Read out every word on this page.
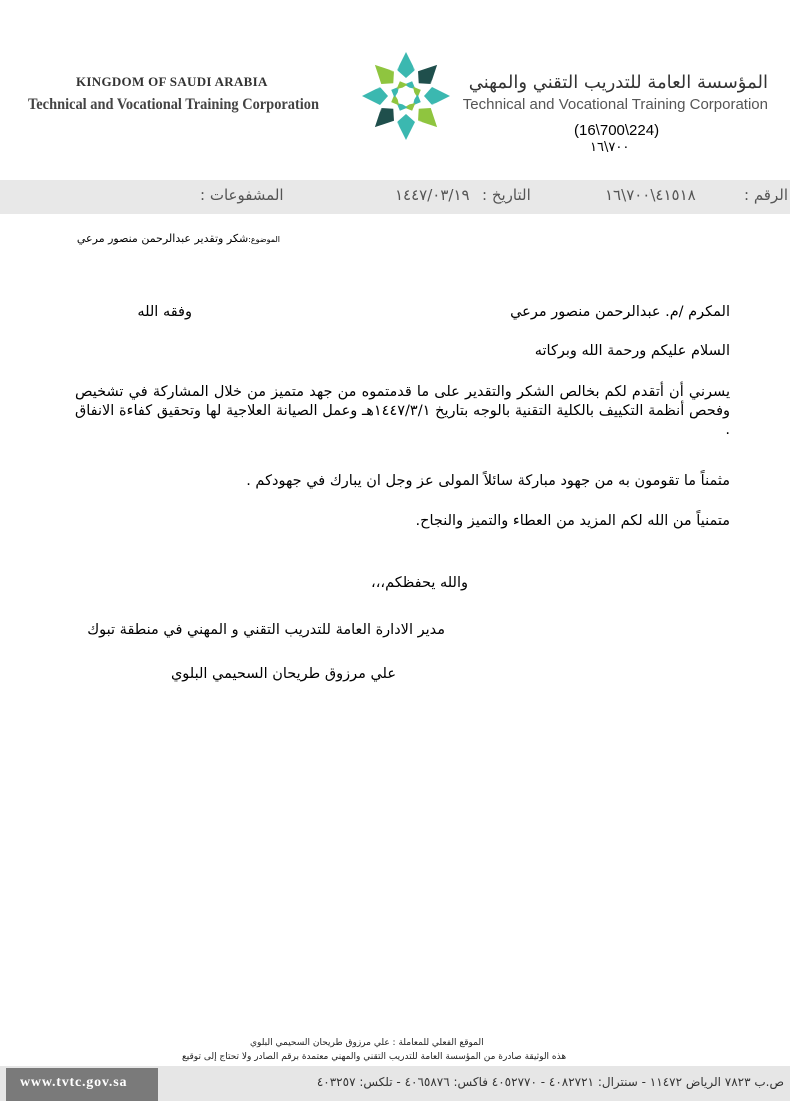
KINGDOM OF SAUDI ARABIA
Technical and Vocational Training Corporation
المؤسسة العامة للتدريب التقني والمهني
Technical and Vocational Training Corporation
(16\700\224)
٧٠٠\١٦
الرقم :
٤١٥١٨\٧٠٠\١٦
التاريخ :
١٤٤٧/٠٣/١٩
المشفوعات :
الموضوع:شكر وتقدير عبدالرحمن منصور مرعي
المكرم /م. عبدالرحمن منصور مرعي
وفقه الله
السلام عليكم ورحمة الله وبركاته
يسرني أن أتقدم لكم بخالص الشكر والتقدير على ما قدمتموه من جهد متميز من خلال المشاركة في تشخيص وفحص أنظمة التكييف بالكلية التقنية بالوجه بتاريخ ١٤٤٧/٣/١هـ وعمل الصيانة العلاجية لها وتحقيق كفاءة الانفاق .
مثمناً ما تقومون به من جهود مباركة سائلاً المولى عز وجل ان يبارك في جهودكم .
متمنياً من الله لكم المزيد من العطاء والتميز والنجاح.
والله يحفظكم،،،
مدير الادارة العامة للتدريب التقني و المهني في منطقة تبوك
علي مرزوق طريحان السحيمي البلوي
الموقع الفعلي للمعاملة : علي مرزوق طريحان السحيمي البلوي
هذه الوثيقة صادرة من المؤسسة العامة للتدريب التقني والمهني معتمدة برقم الصادر ولا تحتاج إلى توقيع
www.tvtc.gov.sa	ص.ب ٧٨٢٣ الرياض ١١٤٧٢ - سنترال: ٤٠٨٢٧٢١ - ٤٠٥٢٧٧٠ فاكس: ٤٠٦٥٨٧٦ - تلكس: ٤٠٣٢٥٧
